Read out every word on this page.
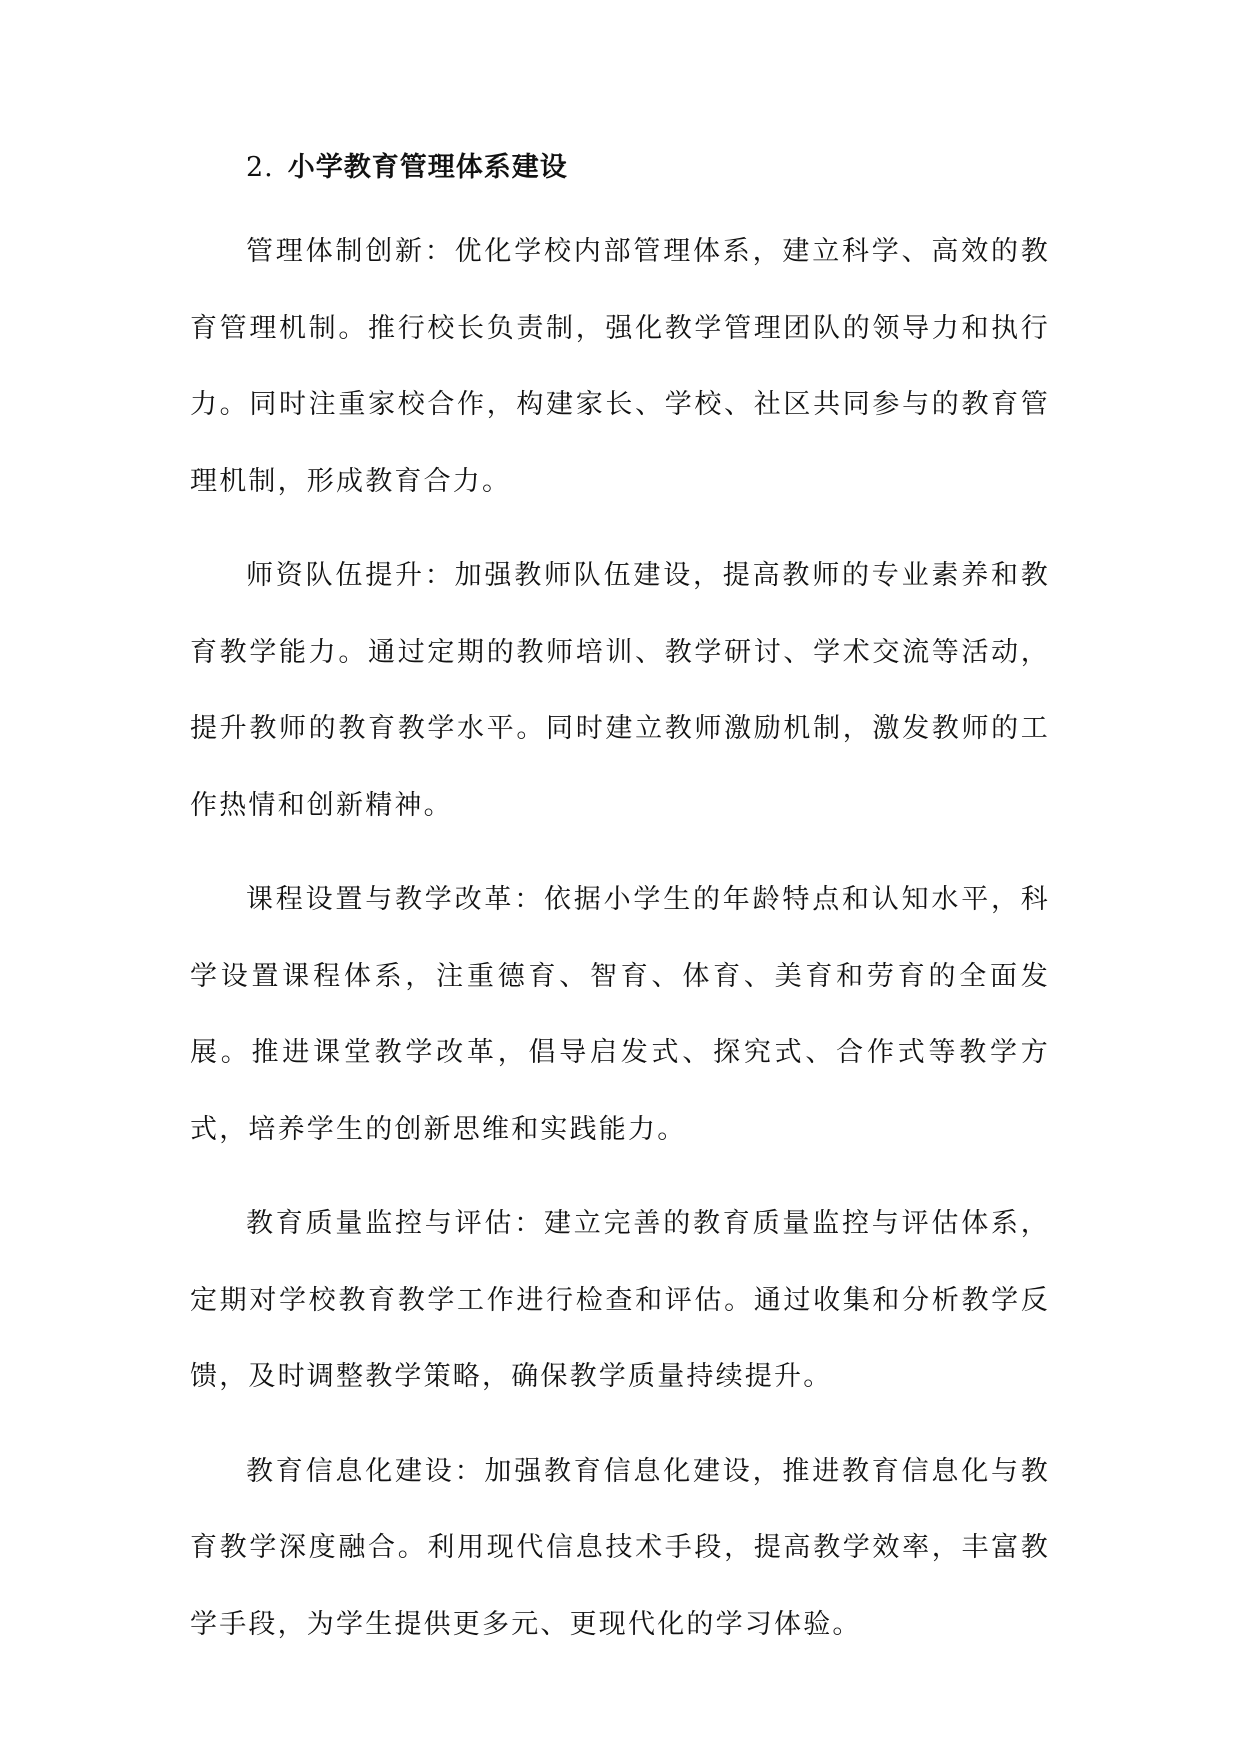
2. 小学教育管理体系建设

管理体制创新：优化学校内部管理体系，建立科学、高效的教育管理机制。推行校长负责制，强化教学管理团队的领导力和执行力。同时注重家校合作，构建家长、学校、社区共同参与的教育管理机制，形成教育合力。

师资队伍提升：加强教师队伍建设，提高教师的专业素养和教育教学能力。通过定期的教师培训、教学研讨、学术交流等活动，提升教师的教育教学水平。同时建立教师激励机制，激发教师的工作热情和创新精神。

课程设置与教学改革：依据小学生的年龄特点和认知水平，科学设置课程体系，注重德育、智育、体育、美育和劳育的全面发展。推进课堂教学改革，倡导启发式、探究式、合作式等教学方式，培养学生的创新思维和实践能力。

教育质量监控与评估：建立完善的教育质量监控与评估体系，定期对学校教育教学工作进行检查和评估。通过收集和分析教学反馈，及时调整教学策略，确保教学质量持续提升。

教育信息化建设：加强教育信息化建设，推进教育信息化与教育教学深度融合。利用现代信息技术手段，提高教学效率，丰富教学手段，为学生提供更多元、更现代化的学习体验。
